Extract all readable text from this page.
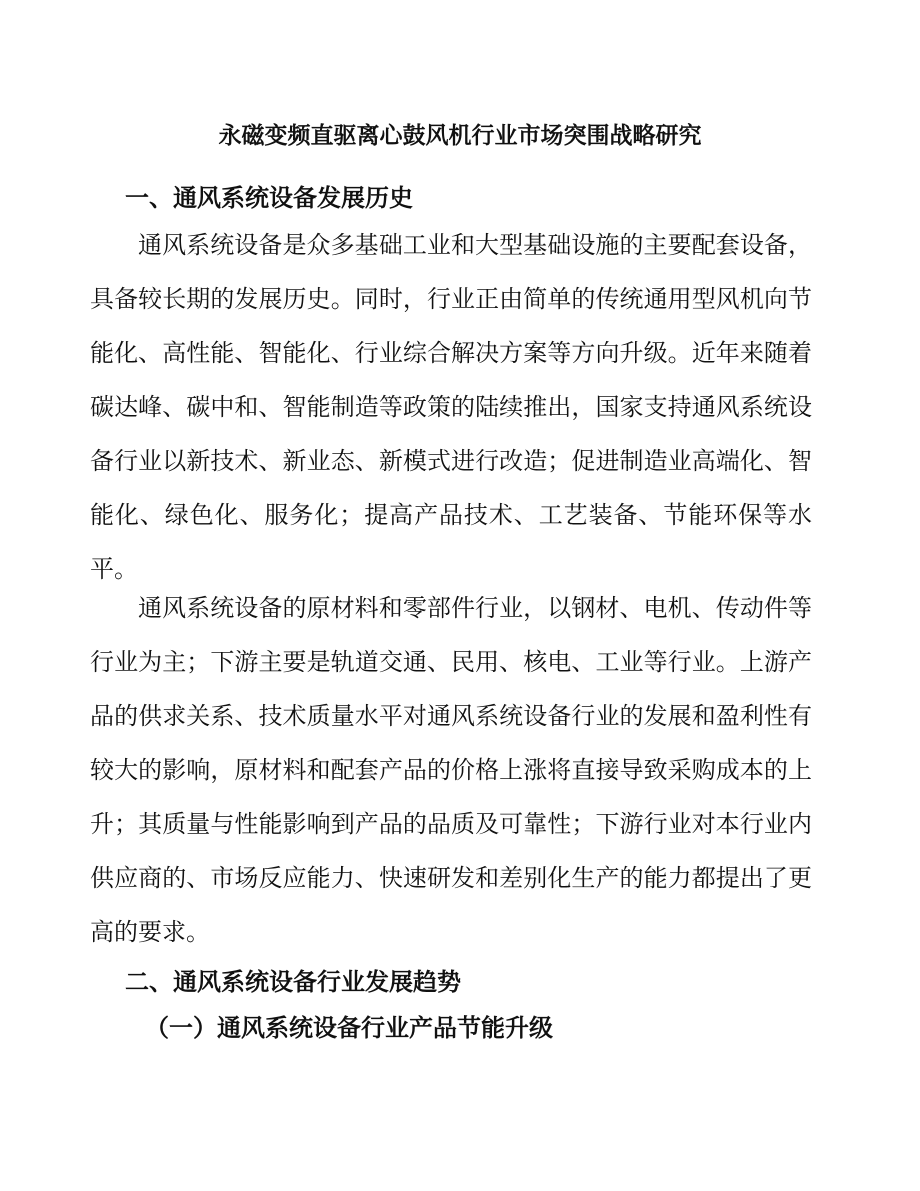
永磁变频直驱离心鼓风机行业市场突围战略研究
一、通风系统设备发展历史

通风系统设备是众多基础工业和大型基础设施的主要配套设备，具备较长期的发展历史。同时，行业正由简单的传统通用型风机向节能化、高性能、智能化、行业综合解决方案等方向升级。近年来随着碳达峰、碳中和、智能制造等政策的陆续推出，国家支持通风系统设备行业以新技术、新业态、新模式进行改造；促进制造业高端化、智能化、绿色化、服务化；提高产品技术、工艺装备、节能环保等水平。

通风系统设备的原材料和零部件行业，以钢材、电机、传动件等行业为主；下游主要是轨道交通、民用、核电、工业等行业。上游产品的供求关系、技术质量水平对通风系统设备行业的发展和盈利性有较大的影响，原材料和配套产品的价格上涨将直接导致采购成本的上升；其质量与性能影响到产品的品质及可靠性；下游行业对本行业内供应商的、市场反应能力、快速研发和差别化生产的能力都提出了更高的要求。

二、通风系统设备行业发展趋势
（一）通风系统设备行业产品节能升级
